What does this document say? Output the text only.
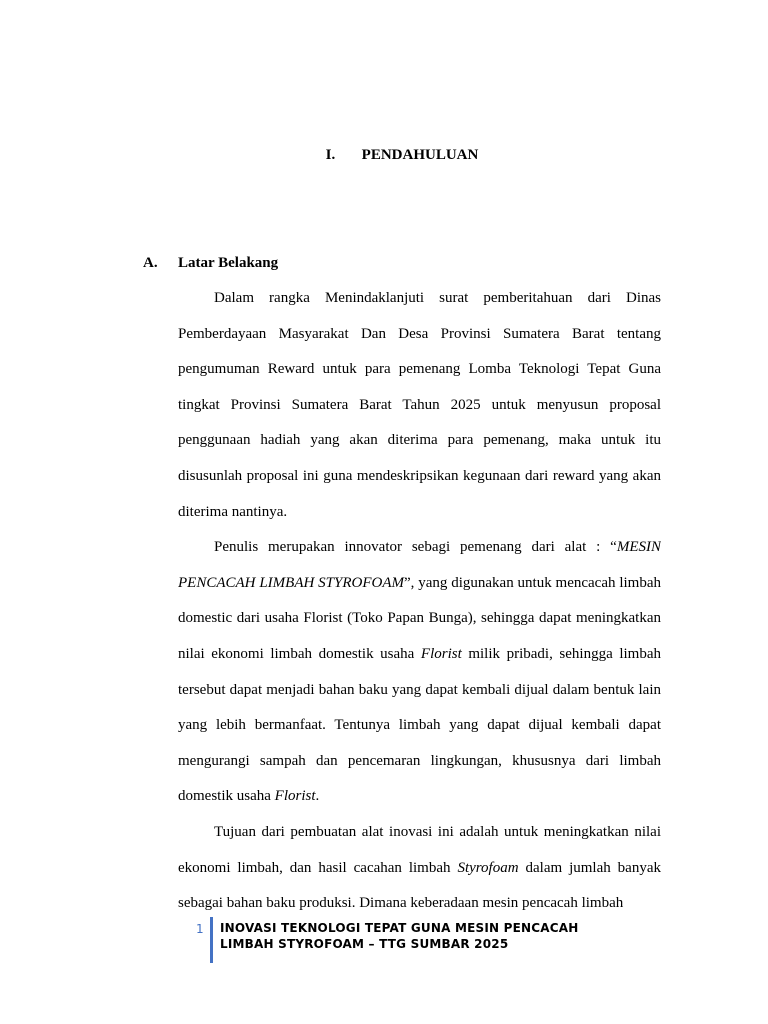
I. PENDAHULUAN
A. Latar Belakang

Dalam rangka Menindaklanjuti surat pemberitahuan dari Dinas Pemberdayaan Masyarakat Dan Desa Provinsi Sumatera Barat tentang pengumuman Reward untuk para pemenang Lomba Teknologi Tepat Guna tingkat Provinsi Sumatera Barat Tahun 2025 untuk menyusun proposal penggunaan hadiah yang akan diterima para pemenang, maka untuk itu disusunlah proposal ini guna mendeskripsikan kegunaan dari reward yang akan diterima nantinya.

Penulis merupakan innovator sebagi pemenang dari alat : “MESIN PENCACAH LIMBAH STYROFOAM”, yang digunakan untuk mencacah limbah domestic dari usaha Florist (Toko Papan Bunga), sehingga dapat meningkatkan nilai ekonomi limbah domestik usaha Florist milik pribadi, sehingga limbah tersebut dapat menjadi bahan baku yang dapat kembali dijual dalam bentuk lain yang lebih bermanfaat. Tentunya limbah yang dapat dijual kembali dapat mengurangi sampah dan pencemaran lingkungan, khususnya dari limbah domestik usaha Florist.

Tujuan dari pembuatan alat inovasi ini adalah untuk meningkatkan nilai ekonomi limbah, dan hasil cacahan limbah Styrofoam dalam jumlah banyak sebagai bahan baku produksi. Dimana keberadaan mesin pencacah limbah

1	INOVASI TEKNOLOGI TEPAT GUNA MESIN PENCACAH
LIMBAH STYROFOAM – TTG SUMBAR 2025
